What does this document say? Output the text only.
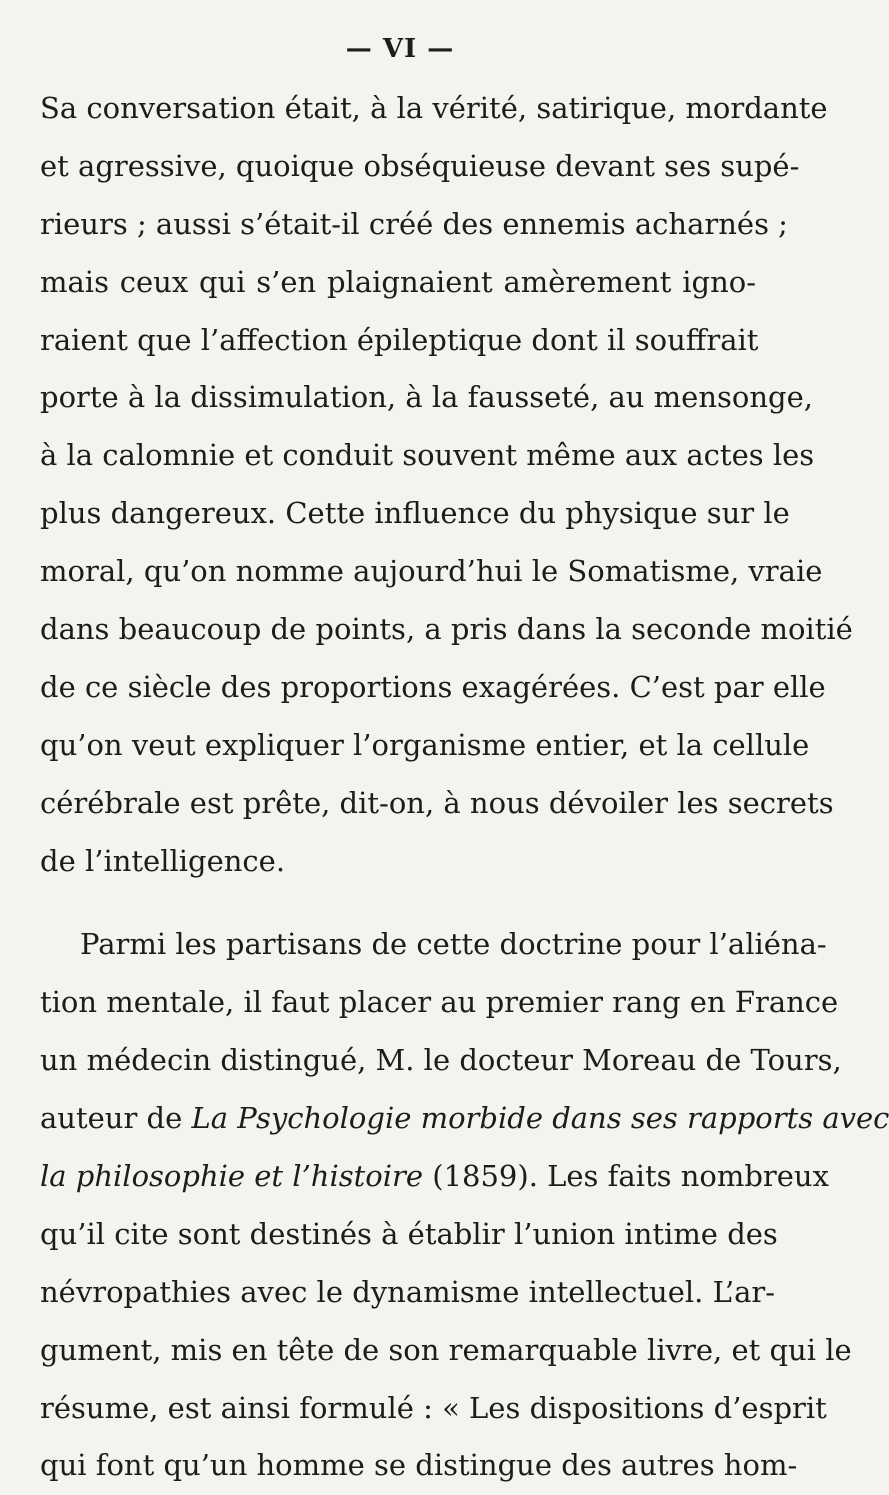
— VI —
Sa conversation était, à la vérité, satirique, mordante
et agressive, quoique obséquieuse devant ses supé-
rieurs ; aussi s’était-il créé des ennemis acharnés ;
mais ceux qui s’en plaignaient amèrement igno-
raient que l’affection épileptique dont il souffrait
porte à la dissimulation, à la fausseté, au mensonge,
à la calomnie et conduit souvent même aux actes les
plus dangereux. Cette influence du physique sur le
moral, qu’on nomme aujourd’hui le Somatisme, vraie
dans beaucoup de points, a pris dans la seconde moitié
de ce siècle des proportions exagérées. C’est par elle
qu’on veut expliquer l’organisme entier, et la cellule
cérébrale est prête, dit-on, à nous dévoiler les secrets
de l’intelligence.
Parmi les partisans de cette doctrine pour l’aliéna-
tion mentale, il faut placer au premier rang en France
un médecin distingué, M. le docteur Moreau de Tours,
auteur de La Psychologie morbide dans ses rapports avec
la philosophie et l’histoire (1859). Les faits nombreux
qu’il cite sont destinés à établir l’union intime des
névropathies avec le dynamisme intellectuel. L’ar-
gument, mis en tête de son remarquable livre, et qui le
résume, est ainsi formulé : « Les dispositions d’esprit
qui font qu’un homme se distingue des autres hom-
